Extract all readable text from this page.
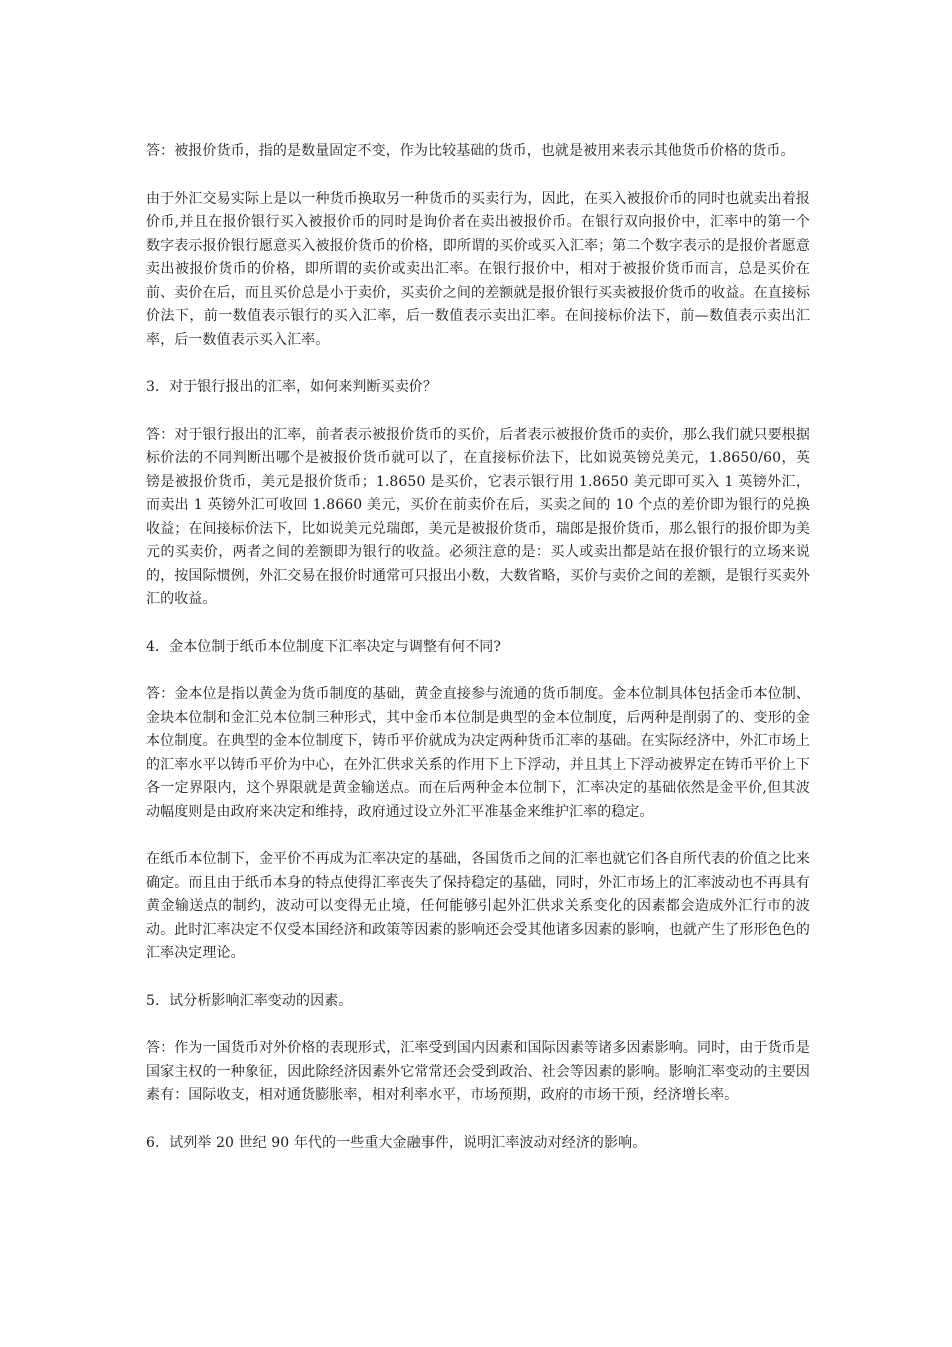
答：被报价货币，指的是数量固定不变，作为比较基础的货币，也就是被用来表示其他货币价格的货币。

由于外汇交易实际上是以一种货币换取另一种货币的买卖行为，因此，在买入被报价币的同时也就卖出着报价币,并且在报价银行买入被报价币的同时是询价者在卖出被报价币。在银行双向报价中，汇率中的第一个数字表示报价银行愿意买入被报价货币的价格，即所谓的买价或买入汇率；第二个数字表示的是报价者愿意卖出被报价货币的价格，即所谓的卖价或卖出汇率。在银行报价中，相对于被报价货币而言，总是买价在前、卖价在后，而且买价总是小于卖价，买卖价之间的差额就是报价银行买卖被报价货币的收益。在直接标价法下，前一数值表示银行的买入汇率，后一数值表示卖出汇率。在间接标价法下，前—数值表示卖出汇率，后一数值表示买入汇率。

3．对于银行报出的汇率，如何来判断买卖价？

答：对于银行报出的汇率，前者表示被报价货币的买价，后者表示被报价货币的卖价，那么我们就只要根据标价法的不同判断出哪个是被报价货币就可以了，在直接标价法下，比如说英镑兑美元，1.8650/60，英镑是被报价货币，美元是报价货币；1.8650 是买价，它表示银行用 1.8650 美元即可买入 1 英镑外汇，而卖出 1 英镑外汇可收回 1.8660 美元，买价在前卖价在后，买卖之间的 10 个点的差价即为银行的兑换收益；在间接标价法下，比如说美元兑瑞郎，美元是被报价货币，瑞郎是报价货币，那么银行的报价即为美元的买卖价，两者之间的差额即为银行的收益。必须注意的是：买人或卖出都是站在报价银行的立场来说的，按国际惯例，外汇交易在报价时通常可只报出小数，大数省略，买价与卖价之间的差额，是银行买卖外汇的收益。

4．金本位制于纸币本位制度下汇率决定与调整有何不同?

答：金本位是指以黄金为货币制度的基础，黄金直接参与流通的货币制度。金本位制具体包括金币本位制、金块本位制和金汇兑本位制三种形式，其中金币本位制是典型的金本位制度，后两种是削弱了的、变形的金本位制度。在典型的金本位制度下，铸币平价就成为决定两种货币汇率的基础。在实际经济中，外汇市场上的汇率水平以铸币平价为中心，在外汇供求关系的作用下上下浮动，并且其上下浮动被界定在铸币平价上下各一定界限内，这个界限就是黄金输送点。而在后两种金本位制下，汇率决定的基础依然是金平价,但其波动幅度则是由政府来决定和维持，政府通过设立外汇平准基金来维护汇率的稳定。

在纸币本位制下，金平价不再成为汇率决定的基础，各国货币之间的汇率也就它们各自所代表的价值之比来确定。而且由于纸币本身的特点使得汇率丧失了保持稳定的基础，同时，外汇市场上的汇率波动也不再具有黄金输送点的制约，波动可以变得无止境，任何能够引起外汇供求关系变化的因素都会造成外汇行市的波动。此时汇率决定不仅受本国经济和政策等因素的影响还会受其他诸多因素的影响，也就产生了形形色色的汇率决定理论。

5．试分析影响汇率变动的因素。

答：作为一国货币对外价格的表现形式，汇率受到国内因素和国际因素等诸多因素影响。同时，由于货币是国家主权的一种象征，因此除经济因素外它常常还会受到政治、社会等因素的影响。影响汇率变动的主要因素有：国际收支，相对通货膨胀率，相对利率水平，市场预期，政府的市场干预，经济增长率。

6．试列举 20 世纪 90 年代的一些重大金融事件，说明汇率波动对经济的影响。
